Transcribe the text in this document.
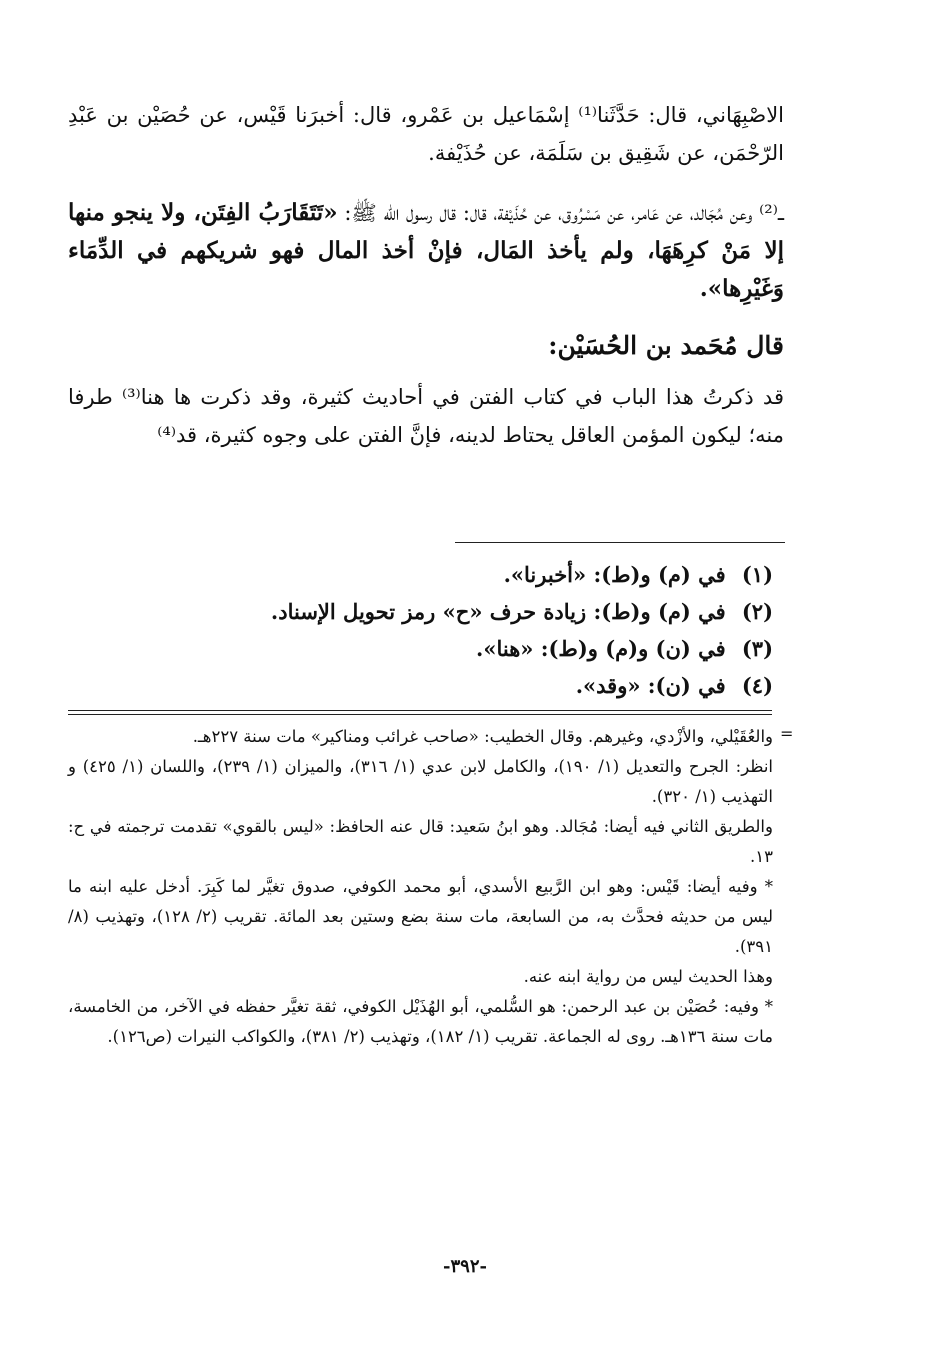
الاصْبِهَاني، قال: حَدَّثَنا⁽¹⁾ إسْمَاعيل بن عَمْرو، قال: أخبرَنا قَيْس، عن حُصَيْن بن عَبْدِ الرّحْمَن، عن شَقِيق بن سَلَمَة، عن حُذَيْفة.

ـ⁽²⁾ وعن مُجَالد، عن عَامر، عن مَسْرُوق، عن حُذَيْفة، قال: قال رسول الله ﷺ: «تَتَقَارَبُ الفِتَن، ولا ينجو منها إلا مَنْ كرِهَهَا، ولم يأخذ المَال، فإنْ أخذ المال فهو شريكهم في الدِّمَاء وَغَيْرِها».

قال مُحَمد بن الحُسَيْن:

قد ذكرتُ هذا الباب في كتاب الفتن في أحاديث كثيرة، وقد ذكرت ها هنا⁽³⁾ طرفا منه؛ ليكون المؤمن العاقل يحتاط لدينه، فإنَّ الفتن على وجوه كثيرة، قد⁽⁴⁾

(١) في (م) و(ط): «أخبرنا».
(٢) في (م) و(ط): زيادة حرف «ح» رمز تحويل الإسناد.
(٣) في (ن) و(م) و(ط): «هنا».
(٤) في (ن): «وقد».
=

والعُقَيْلي، والأزْدي، وغيرهم. وقال الخطيب: «صاحب غرائب ومناكير» مات سنة ٢٢٧هـ.

انظر: الجرح والتعديل (١/ ١٩٠)، والكامل لابن عدي (١/ ٣١٦)، والميزان (١/ ٢٣٩)، واللسان (١/ ٤٢٥) و التهذيب (١/ ٣٢٠).

والطريق الثاني فيه أيضا: مُجَالد. وهو ابنُ سَعيد: قال عنه الحافظ: «ليس بالقوي» تقدمت ترجمته في ح: ١٣.

* وفيه أيضا: قَيْس: وهو ابن الرَّبيع الأسدي، أبو محمد الكوفي، صدوق تغيَّر لما كَبِرَ. أدخل عليه ابنه ما ليس من حديثه فحدَّث به، من السابعة، مات سنة بضع وستين بعد المائة. تقريب (٢/ ١٢٨)، وتهذيب (٨/ ٣٩١).

وهذا الحديث ليس من رواية ابنه عنه.

* وفيه: حُصَيْن بن عبد الرحمن: هو السُّلمي، أبو الهُذَيْل الكوفي، ثقة تغيَّر حفظه في الآخر، من الخامسة، مات سنة ١٣٦هـ. روى له الجماعة. تقريب (١/ ١٨٢)، وتهذيب (٢/ ٣٨١)، والكواكب النيرات (ص١٢٦).

-٣٩٢-
